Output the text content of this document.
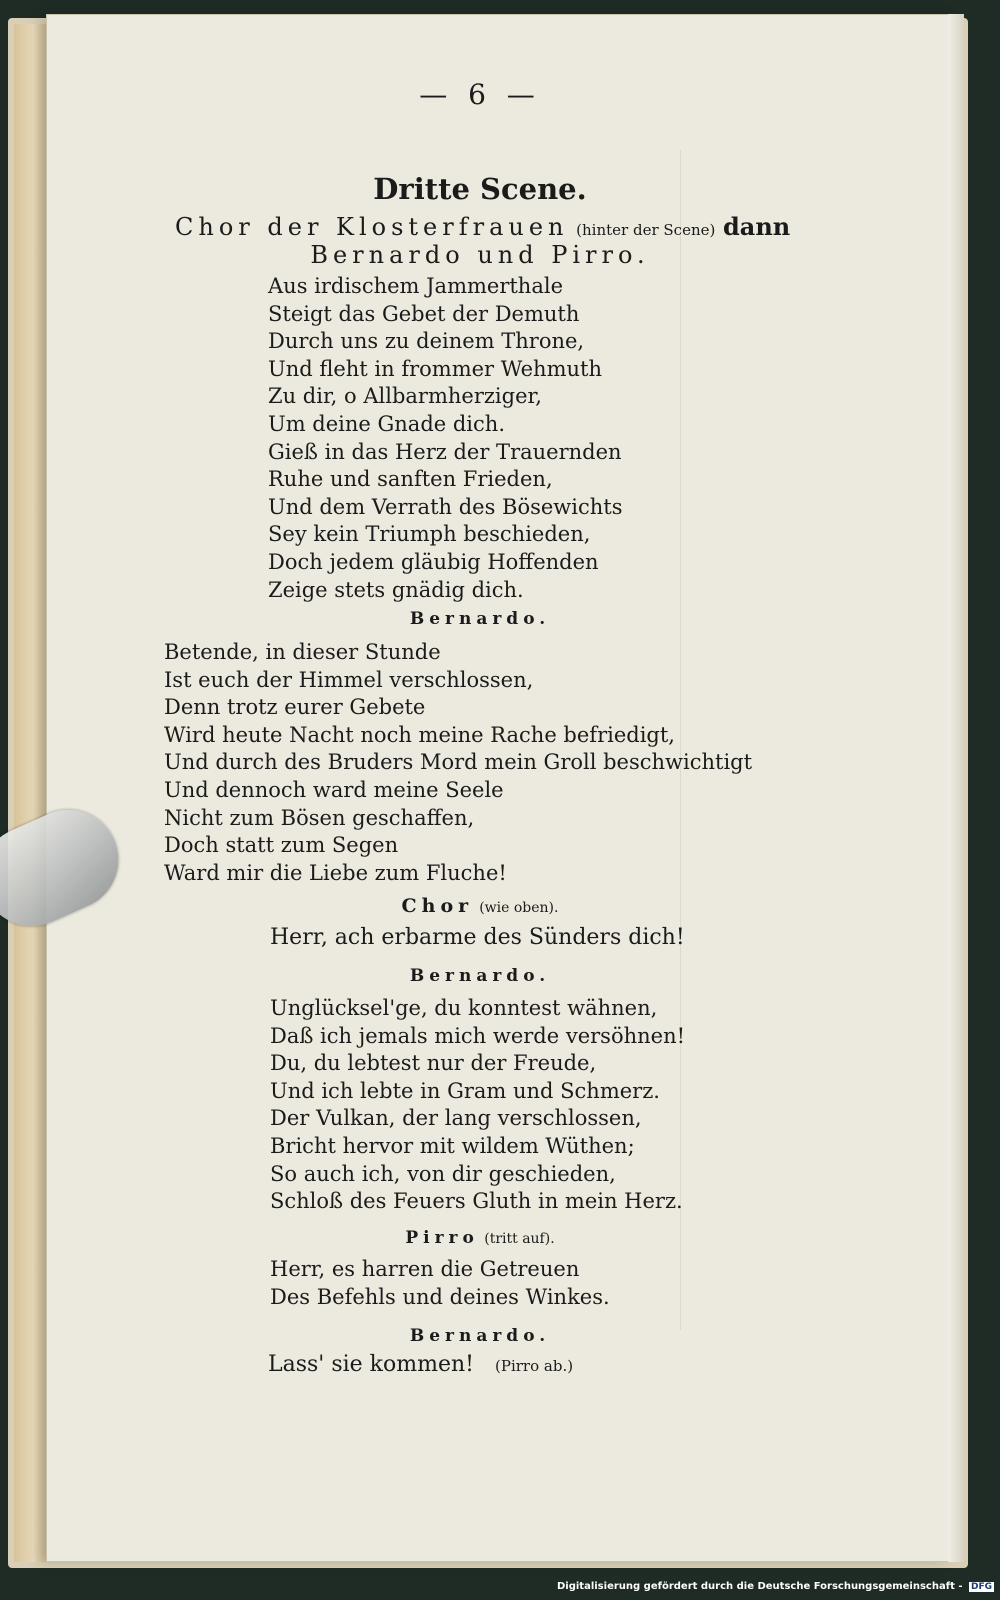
— 6 —
Dritte Scene.
Chor der Klosterfrauen (hinter der Scene) dann
Bernardo und Pirro.
Aus irdischem Jammerthale
Steigt das Gebet der Demuth
Durch uns zu deinem Throne,
Und fleht in frommer Wehmuth
Zu dir, o Allbarmherziger,
Um deine Gnade dich.
Gieß in das Herz der Trauernden
Ruhe und sanften Frieden,
Und dem Verrath des Bösewichts
Sey kein Triumph beschieden,
Doch jedem gläubig Hoffenden
Zeige stets gnädig dich.
Bernardo.
Betende, in dieser Stunde
Ist euch der Himmel verschlossen,
Denn trotz eurer Gebete
Wird heute Nacht noch meine Rache befriedigt,
Und durch des Bruders Mord mein Groll beschwichtigt
Und dennoch ward meine Seele
Nicht zum Bösen geschaffen,
Doch statt zum Segen
Ward mir die Liebe zum Fluche!
Chor (wie oben).
Herr, ach erbarme des Sünders dich!
Bernardo.
Unglücksel'ge, du konntest wähnen,
Daß ich jemals mich werde versöhnen!
Du, du lebtest nur der Freude,
Und ich lebte in Gram und Schmerz.
Der Vulkan, der lang verschlossen,
Bricht hervor mit wildem Wüthen;
So auch ich, von dir geschieden,
Schloß des Feuers Gluth in mein Herz.
Pirro (tritt auf).
Herr, es harren die Getreuen
Des Befehls und deines Winkes.
Bernardo.
Lass' sie kommen! (Pirro ab.)
Digitalisierung gefördert durch die Deutsche Forschungsgemeinschaft - DFG
